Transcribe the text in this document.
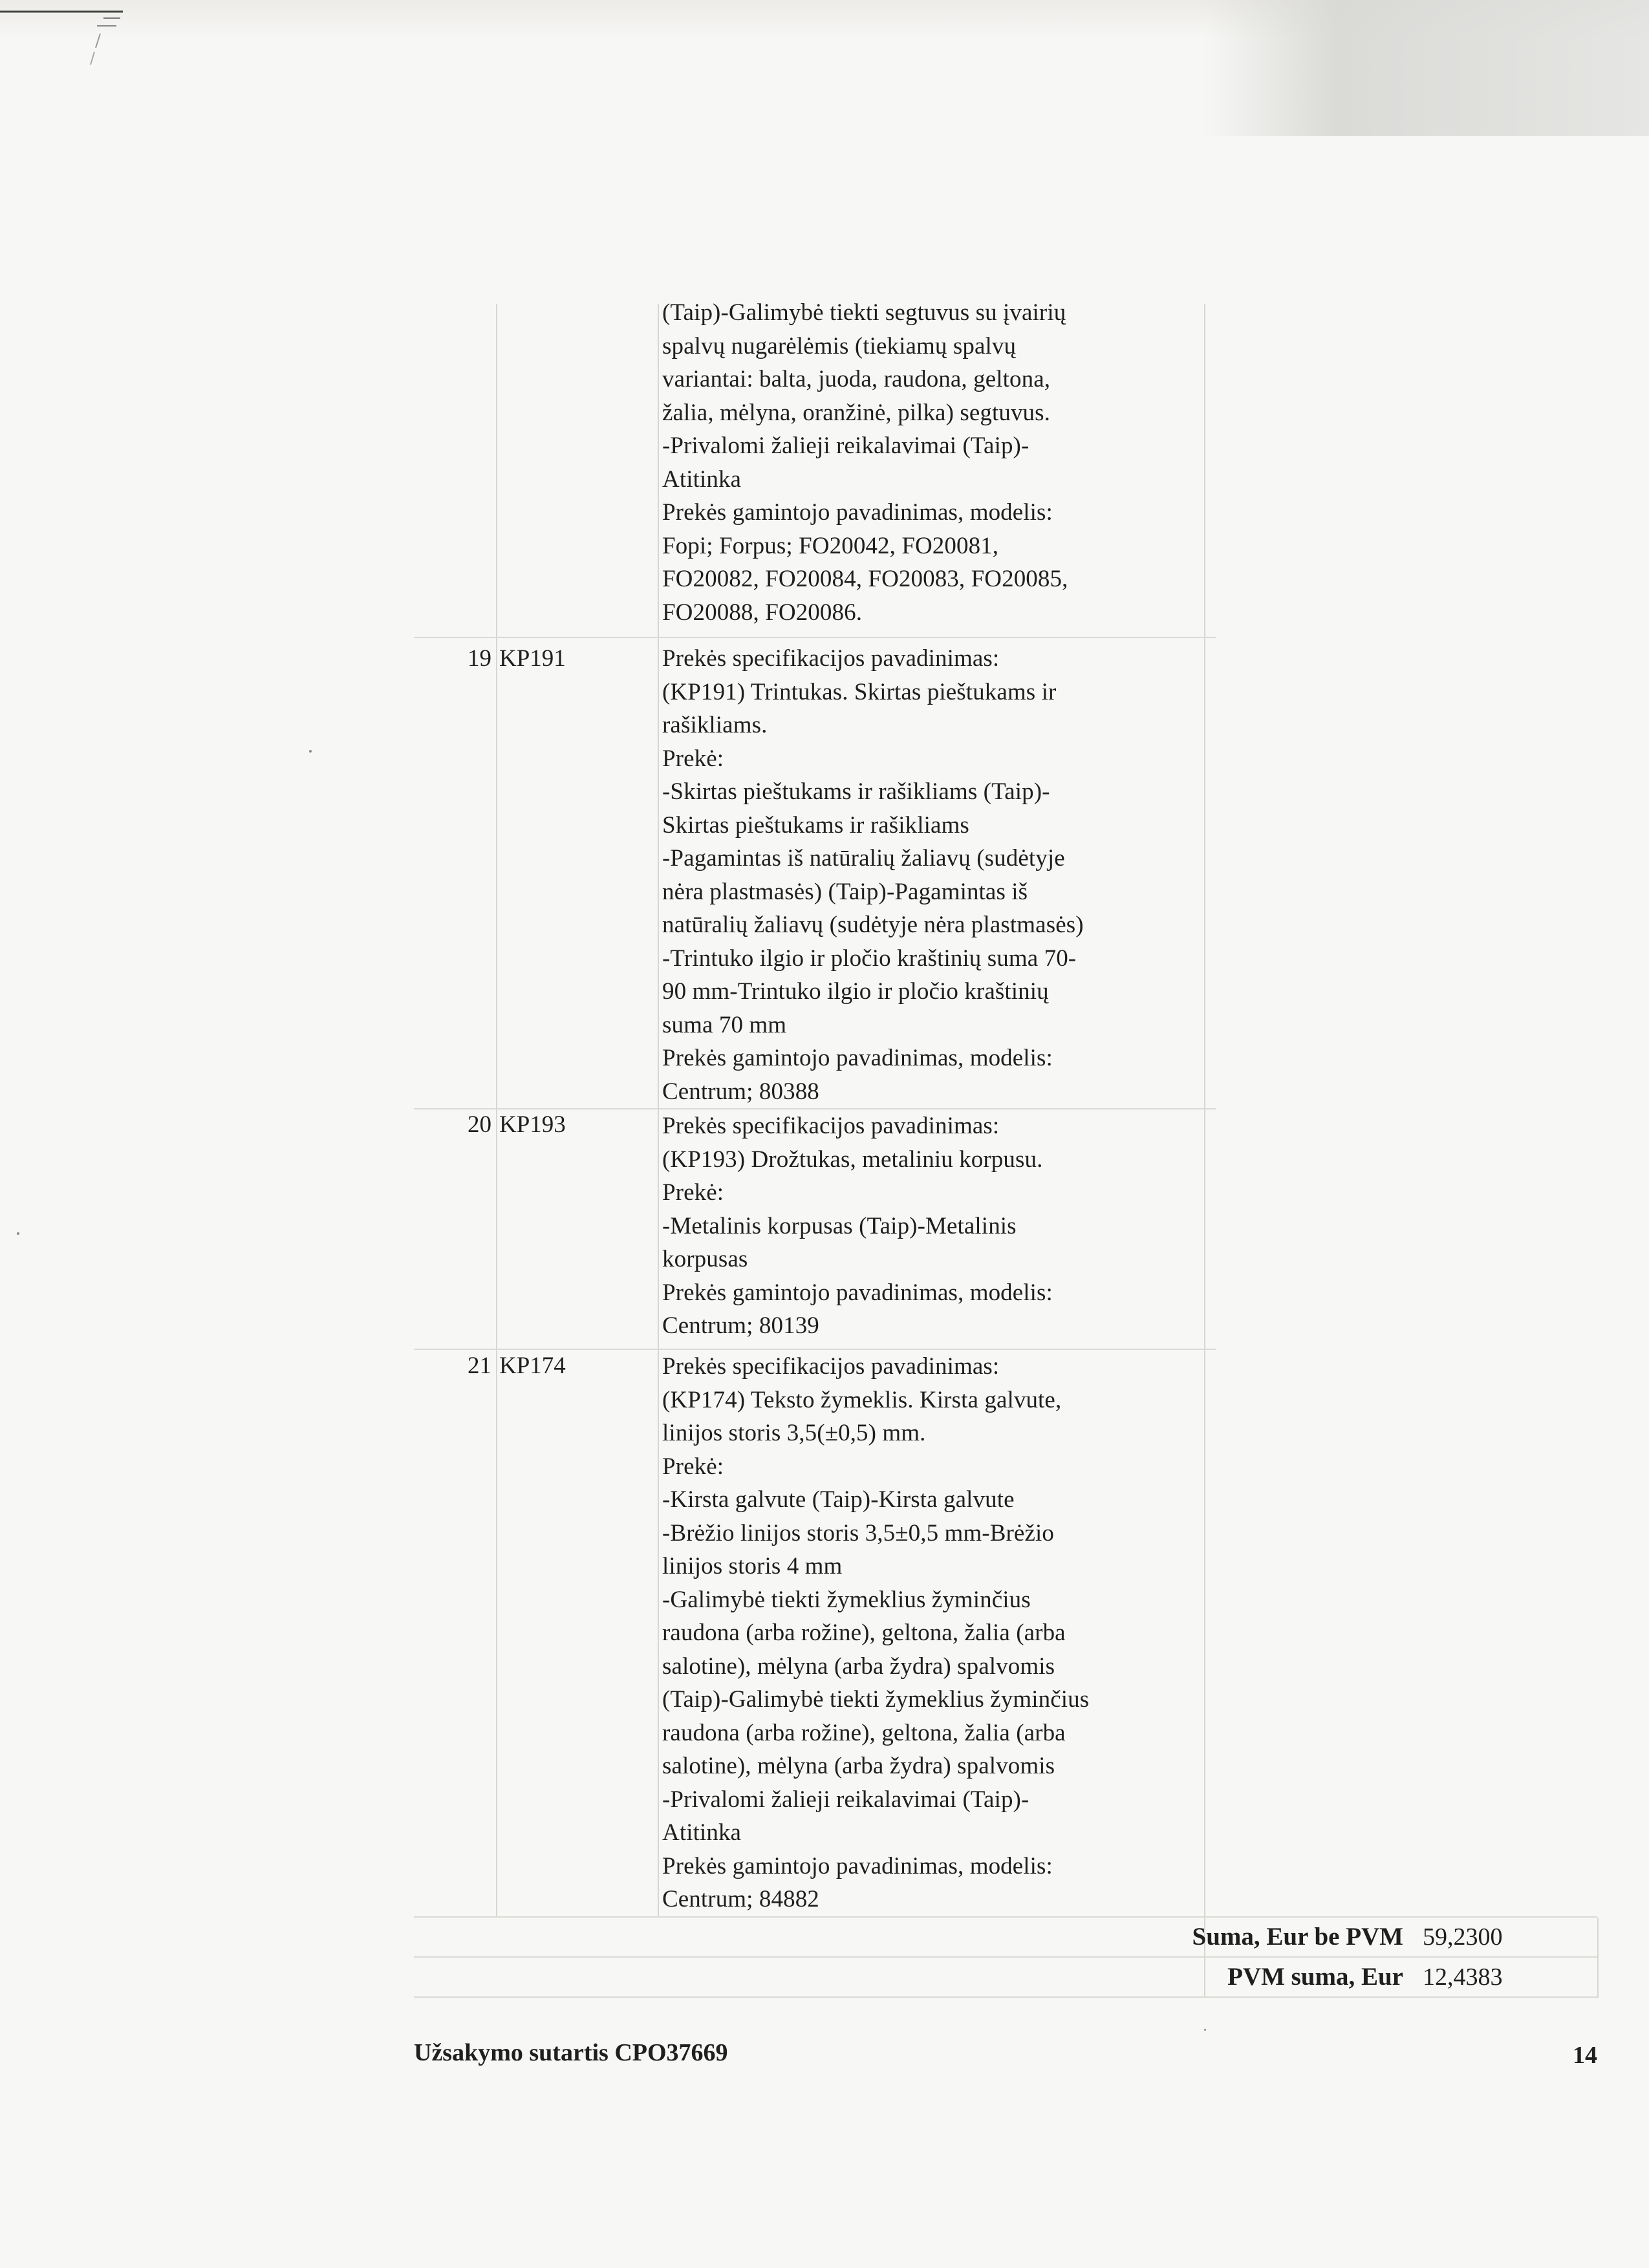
(Taip)-Galimybė tiekti segtuvus su įvairių
spalvų nugarėlėmis (tiekiamų spalvų
variantai: balta, juoda, raudona, geltona,
žalia, mėlyna, oranžinė, pilka) segtuvus.
-Privalomi žalieji reikalavimai (Taip)-
Atitinka
Prekės gamintojo pavadinimas, modelis:
Fopi; Forpus; FO20042, FO20081,
FO20082, FO20084, FO20083, FO20085,
FO20088, FO20086.
19 KP191	Prekės specifikacijos pavadinimas:
(KP191) Trintukas. Skirtas pieštukams ir
rašikliams.
Prekė:
-Skirtas pieštukams ir rašikliams (Taip)-
Skirtas pieštukams ir rašikliams
-Pagamintas iš natūralių žaliavų (sudėtyje
nėra plastmasės) (Taip)-Pagamintas iš
natūralių žaliavų (sudėtyje nėra plastmasės)
-Trintuko ilgio ir pločio kraštinių suma 70-
90 mm-Trintuko ilgio ir pločio kraštinių
suma 70 mm
Prekės gamintojo pavadinimas, modelis:
Centrum; 80388
20 KP193	Prekės specifikacijos pavadinimas:
(KP193) Drožtukas, metaliniu korpusu.
Prekė:
-Metalinis korpusas (Taip)-Metalinis
korpusas
Prekės gamintojo pavadinimas, modelis:
Centrum; 80139
21 KP174	Prekės specifikacijos pavadinimas:
(KP174) Teksto žymeklis. Kirsta galvute,
linijos storis 3,5(±0,5) mm.
Prekė:
-Kirsta galvute (Taip)-Kirsta galvute
-Brėžio linijos storis 3,5±0,5 mm-Brėžio
linijos storis 4 mm
-Galimybė tiekti žymeklius žyminčius
raudona (arba rožine), geltona, žalia (arba
salotine), mėlyna (arba žydra) spalvomis
(Taip)-Galimybė tiekti žymeklius žyminčius
raudona (arba rožine), geltona, žalia (arba
salotine), mėlyna (arba žydra) spalvomis
-Privalomi žalieji reikalavimai (Taip)-
Atitinka
Prekės gamintojo pavadinimas, modelis:
Centrum; 84882
Suma, Eur be PVM 59,2300
PVM suma, Eur 12,4383
Užsakymo sutartis CPO37669	14
